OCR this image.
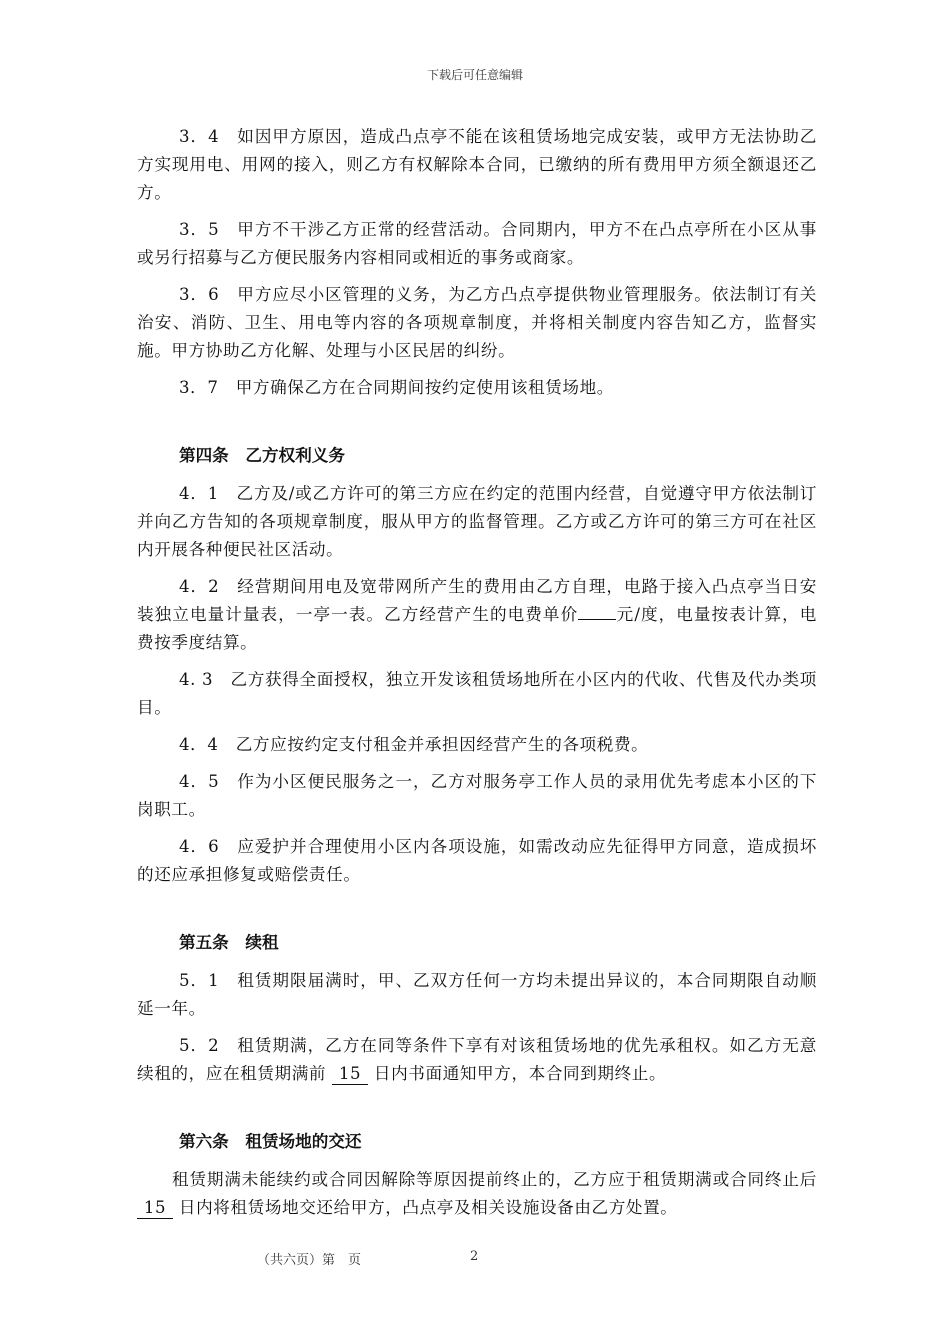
下载后可任意编辑

3．4　 如因甲方原因，造成凸点亭不能在该租赁场地完成安装，或甲方无法协助乙方实现用电、用网的接入，则乙方有权解除本合同，已缴纳的所有费用甲方须全额退还乙方。

3．5　 甲方不干涉乙方正常的经营活动。合同期内，甲方不在凸点亭所在小区从事或另行招募与乙方便民服务内容相同或相近的事务或商家。

3．6　 甲方应尽小区管理的义务，为乙方凸点亭提供物业管理服务。依法制订有关治安、消防、卫生、用电等内容的各项规章制度，并将相关制度内容告知乙方，监督实施。甲方协助乙方化解、处理与小区民居的纠纷。

3．7　 甲方确保乙方在合同期间按约定使用该租赁场地。

第四条　乙方权利义务

4．1　 乙方及/或乙方许可的第三方应在约定的范围内经营，自觉遵守甲方依法制订并向乙方告知的各项规章制度，服从甲方的监督管理。乙方或乙方许可的第三方可在社区内开展各种便民社区活动。

4．2　 经营期间用电及宽带网所产生的费用由乙方自理，电路于接入凸点亭当日安装独立电量计量表，一亭一表。乙方经营产生的电费单价 元/度，电量按表计算，电费按季度结算。

4. 3　 乙方获得全面授权，独立开发该租赁场地所在小区内的代收、代售及代办类项目。

4．4　 乙方应按约定支付租金并承担因经营产生的各项税费。

4．5　 作为小区便民服务之一，乙方对服务亭工作人员的录用优先考虑本小区的下岗职工。

4．6　 应爱护并合理使用小区内各项设施，如需改动应先征得甲方同意，造成损坏的还应承担修复或赔偿责任。

第五条　续租

5．1　 租赁期限届满时，甲、乙双方任何一方均未提出异议的，本合同期限自动顺延一年。

5．2　 租赁期满，乙方在同等条件下享有对该租赁场地的优先承租权。如乙方无意续租的，应在租赁期满前 15 日内书面通知甲方，本合同到期终止。

第六条　租赁场地的交还

租赁期满未能续约或合同因解除等原因提前终止的，乙方应于租赁期满或合同终止后 15 日内将租赁场地交还给甲方，凸点亭及相关设施设备由乙方处置。

（共六页）第　页	2
